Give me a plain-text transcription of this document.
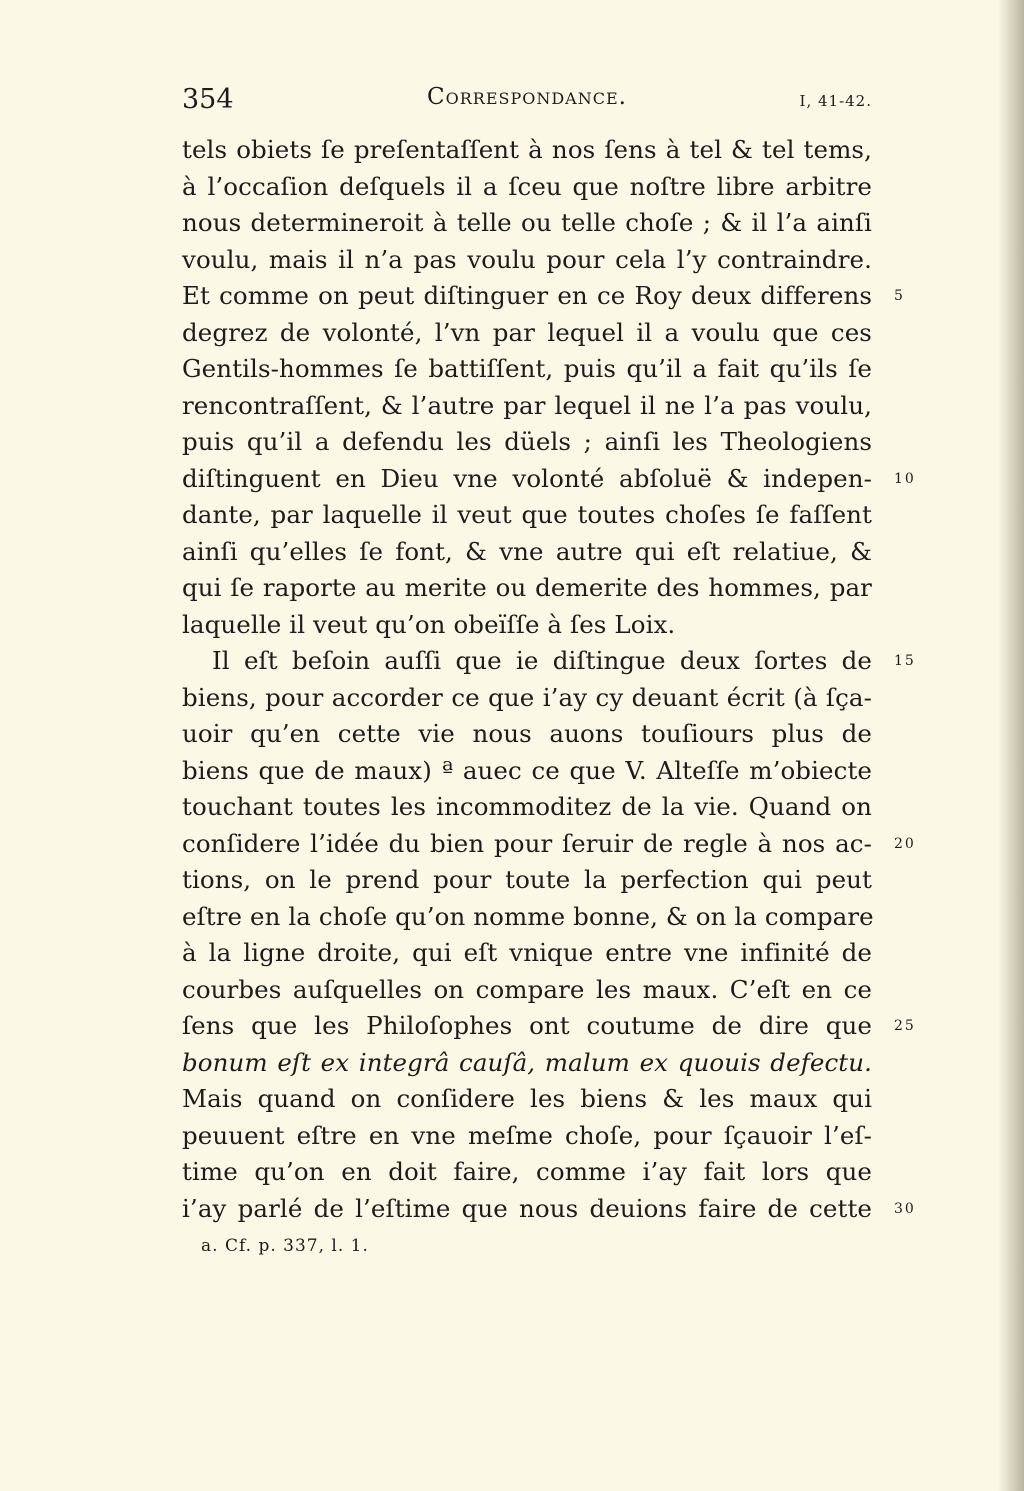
354	Correspondance.	I, 41-42.
tels obiets ſe preſentaſſent à nos ſens à tel & tel tems,
à l’occaſion deſquels il a ſceu que noſtre libre arbitre
nous determineroit à telle ou telle choſe ; & il l’a ainſi
voulu, mais il n’a pas voulu pour cela l’y contraindre.
Et comme on peut diſtinguer en ce Roy deux differens 5
degrez de volonté, l’vn par lequel il a voulu que ces
Gentils-hommes ſe battiſſent, puis qu’il a fait qu’ils ſe
rencontraſſent, & l’autre par lequel il ne l’a pas voulu,
puis qu’il a defendu les düels ; ainſi les Theologiens
diſtinguent en Dieu vne volonté abſoluë & indepen- 10
dante, par laquelle il veut que toutes choſes ſe faſſent
ainſi qu’elles ſe font, & vne autre qui eſt relatiue, &
qui ſe raporte au merite ou demerite des hommes, par
laquelle il veut qu’on obeïſſe à ſes Loix.
Il eſt beſoin auſſi que ie diſtingue deux ſortes de 15
biens, pour accorder ce que i’ay cy deuant écrit (à ſça-
uoir qu’en cette vie nous auons touſiours plus de
biens que de maux) ª auec ce que V. Alteſſe m’obiecte
touchant toutes les incommoditez de la vie. Quand on
conſidere l’idée du bien pour ſeruir de regle à nos ac- 20
tions, on le prend pour toute la perfection qui peut
eſtre en la choſe qu’on nomme bonne, & on la compare
à la ligne droite, qui eſt vnique entre vne infinité de
courbes auſquelles on compare les maux. C’eſt en ce
ſens que les Philoſophes ont coutume de dire que 25
bonum eſt ex integrâ cauſâ, malum ex quouis defectu.
Mais quand on conſidere les biens & les maux qui
peuuent eſtre en vne meſme choſe, pour ſçauoir l’eſ-
time qu’on en doit faire, comme i’ay fait lors que
i’ay parlé de l’eſtime que nous deuions faire de cette 30
a. Cf. p. 337, l. 1.
